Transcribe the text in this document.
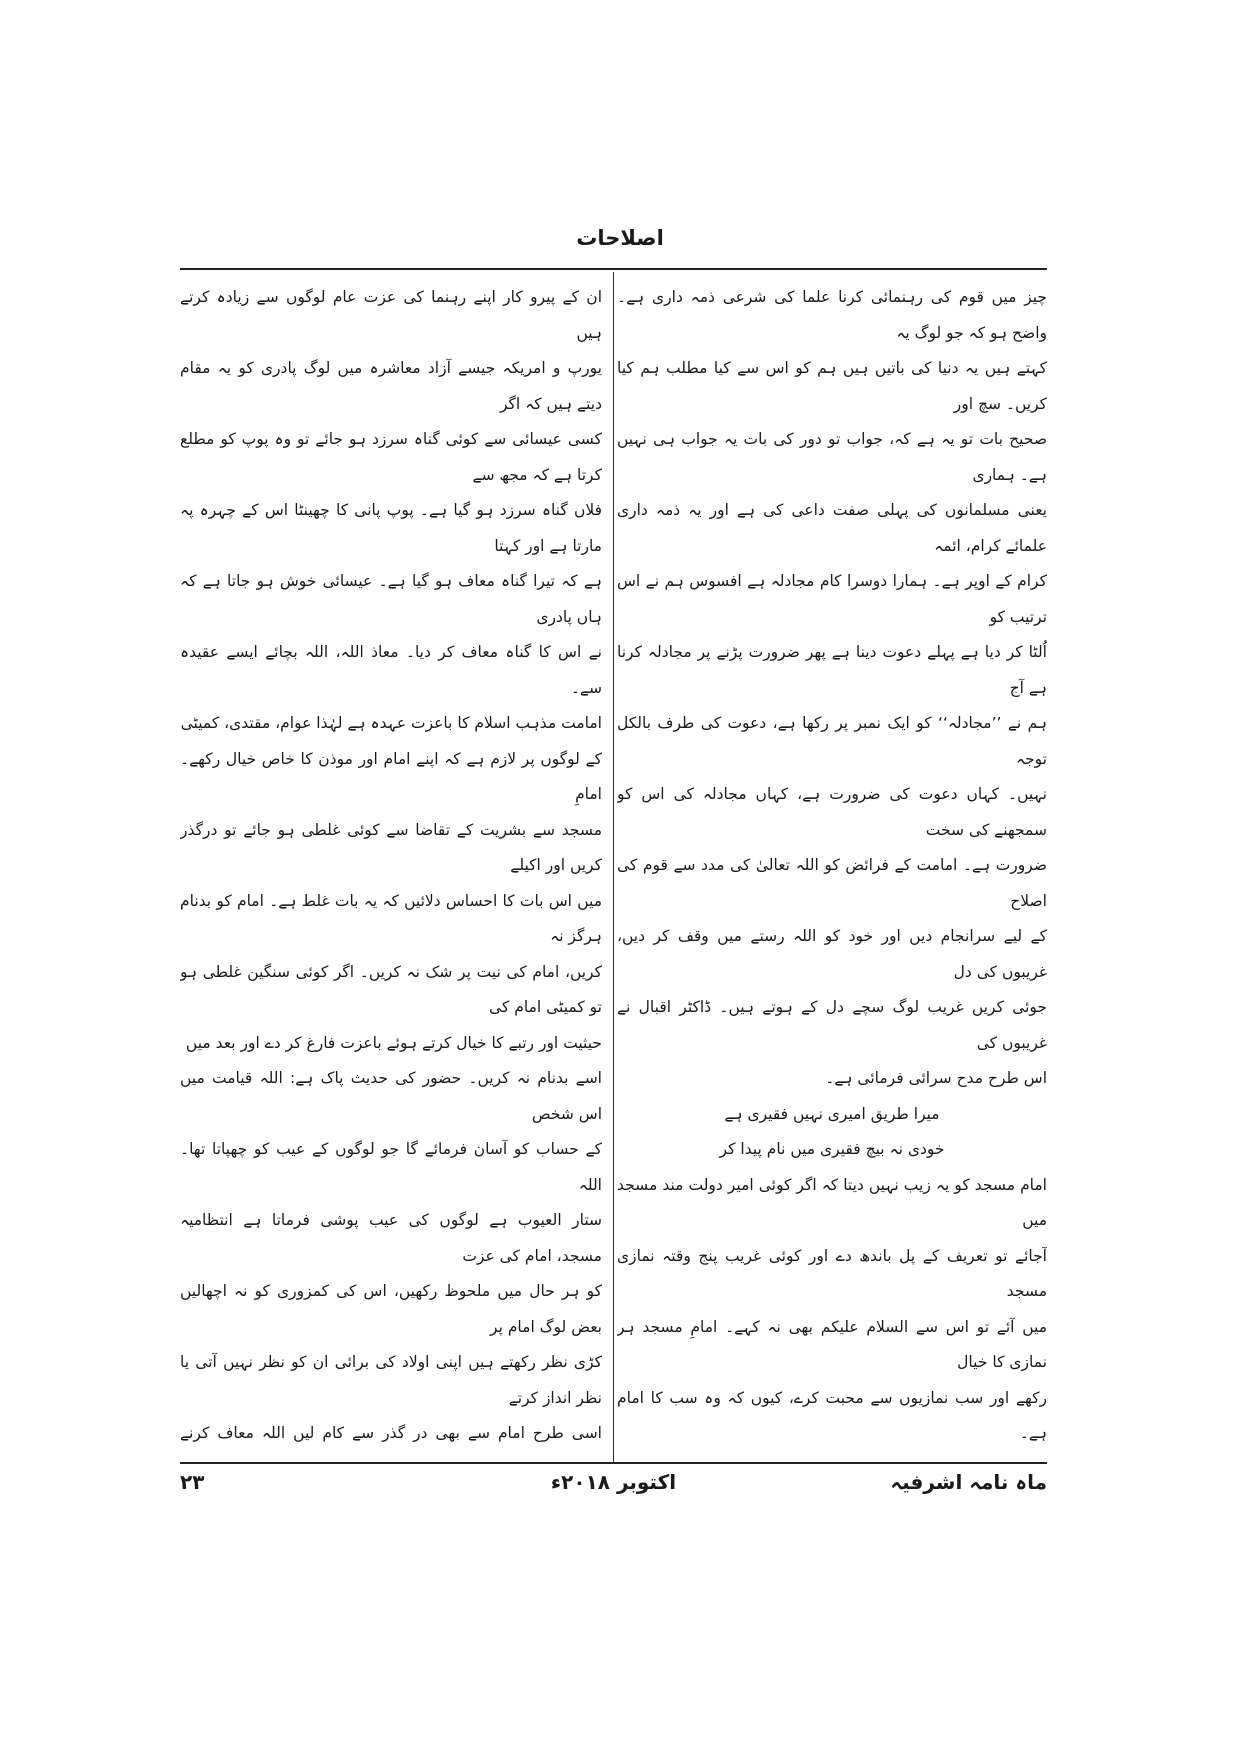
اصلاحات

چیز میں قوم کی رہنمائی کرنا علما کی شرعی ذمہ داری ہے۔ واضح ہو کہ جو لوگ یہ

کہتے ہیں یہ دنیا کی باتیں ہیں ہم کو اس سے کیا مطلب ہم کیا کریں۔ سچ اور

صحیح بات تو یہ ہے کہ، جواب تو دور کی بات یہ جواب ہی نہیں ہے۔ ہماری

یعنی مسلمانوں کی پہلی صفت داعی کی ہے اور یہ ذمہ داری علمائے کرام، ائمہ

کرام کے اوپر ہے۔ ہمارا دوسرا کام مجادلہ ہے افسوس ہم نے اس ترتیب کو

اُلٹا کر دیا ہے پہلے دعوت دینا ہے پھر ضرورت پڑنے پر مجادلہ کرنا ہے آج

ہم نے ’’مجادلہ‘‘ کو ایک نمبر پر رکھا ہے، دعوت کی طرف بالکل توجہ

نہیں۔ کہاں دعوت کی ضرورت ہے، کہاں مجادلہ کی اس کو سمجھنے کی سخت

ضرورت ہے۔ امامت کے فرائض کو اللہ تعالیٰ کی مدد سے قوم کی اصلاح

کے لیے سرانجام دیں اور خود کو اللہ رستے میں وقف کر دیں، غریبوں کی دل

جوئی کریں غریب لوگ سچے دل کے ہوتے ہیں۔ ڈاکٹر اقبال نے غریبوں کی

اس طرح مدح سرائی فرمائی ہے۔

میرا طریق امیری نہیں فقیری ہے

خودی نہ بیچ فقیری میں نام پیدا کر

امام مسجد کو یہ زیب نہیں دیتا کہ اگر کوئی امیر دولت مند مسجد میں

آجائے تو تعریف کے پل باندھ دے اور کوئی غریب پنج وقتہ نمازی مسجد

میں آئے تو اس سے السلام علیکم بھی نہ کہے۔ امامِ مسجد ہر نمازی کا خیال

رکھے اور سب نمازیوں سے محبت کرے، کیوں کہ وہ سب کا امام ہے۔

ان کے پیرو کار اپنے رہنما کی عزت عام لوگوں سے زیادہ کرتے ہیں

یورپ و امریکہ جیسے آزاد معاشرہ میں لوگ پادری کو یہ مقام دیتے ہیں کہ اگر

کسی عیسائی سے کوئی گناہ سرزد ہو جائے تو وہ پوپ کو مطلع کرتا ہے کہ مجھ سے

فلاں گناہ سرزد ہو گیا ہے۔ پوپ پانی کا چھینٹا اس کے چہرہ پہ مارتا ہے اور کہتا

ہے کہ تیرا گناہ معاف ہو گیا ہے۔ عیسائی خوش ہو جاتا ہے کہ ہاں پادری

نے اس کا گناہ معاف کر دیا۔ معاذ اللہ، اللہ بچائے ایسے عقیدہ سے۔

امامت مذہب اسلام کا باعزت عہدہ ہے لہٰذا عوام، مقتدی، کمیٹی

کے لوگوں پر لازم ہے کہ اپنے امام اور موذن کا خاص خیال رکھے۔ امامِ

مسجد سے بشریت کے تقاضا سے کوئی غلطی ہو جائے تو درگذر کریں اور اکیلے

میں اس بات کا احساس دلائیں کہ یہ بات غلط ہے۔ امام کو بدنام ہرگز نہ

کریں، امام کی نیت پر شک نہ کریں۔ اگر کوئی سنگین غلطی ہو تو کمیٹی امام کی

حیثیت اور رتبے کا خیال کرتے ہوئے باعزت فارغ کر دے اور بعد میں

اسے بدنام نہ کریں۔ حضور کی حدیث پاک ہے: اللہ قیامت میں اس شخص

کے حساب کو آسان فرمائے گا جو لوگوں کے عیب کو چھپاتا تھا۔ اللہ

ستار العیوب ہے لوگوں کی عیب پوشی فرماتا ہے انتظامیہ مسجد، امام کی عزت

کو ہر حال میں ملحوظ رکھیں، اس کی کمزوری کو نہ اچھالیں بعض لوگ امام پر

کڑی نظر رکھتے ہیں اپنی اولاد کی برائی ان کو نظر نہیں آتی یا نظر انداز کرتے

اسی طرح امام سے بھی در گذر سے کام لیں اللہ معاف کرنے

ماہ نامہ اشرفیہ
اکتوبر ۲۰۱۸ء
۲۳
